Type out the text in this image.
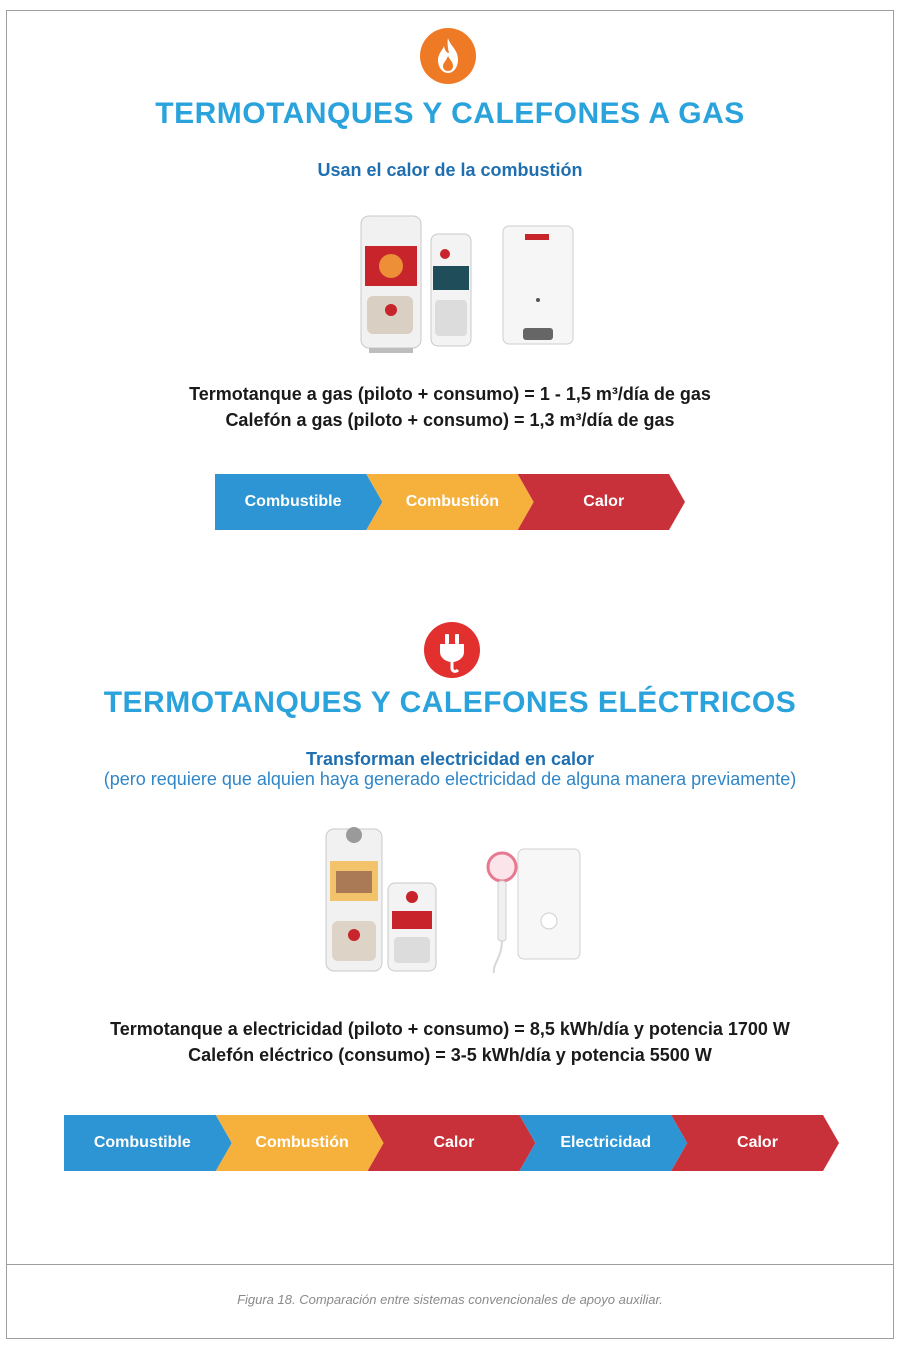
TERMOTANQUES Y CALEFONES A GAS
Usan el calor de la combustión
Termotanque a gas (piloto + consumo) = 1 - 1,5 m³/día de gas
Calefón a gas (piloto + consumo) = 1,3 m³/día de gas
Combustible	Combustión	Calor
TERMOTANQUES Y CALEFONES ELÉCTRICOS
Transforman electricidad en calor
(pero requiere que alquien haya generado electricidad de alguna manera previamente)
Termotanque a electricidad (piloto + consumo) = 8,5 kWh/día y potencia 1700 W
Calefón eléctrico (consumo) = 3-5 kWh/día y potencia 5500 W
Combustible	Combustión	Calor	Electricidad	Calor
Figura 18. Comparación entre sistemas convencionales de apoyo auxiliar.
